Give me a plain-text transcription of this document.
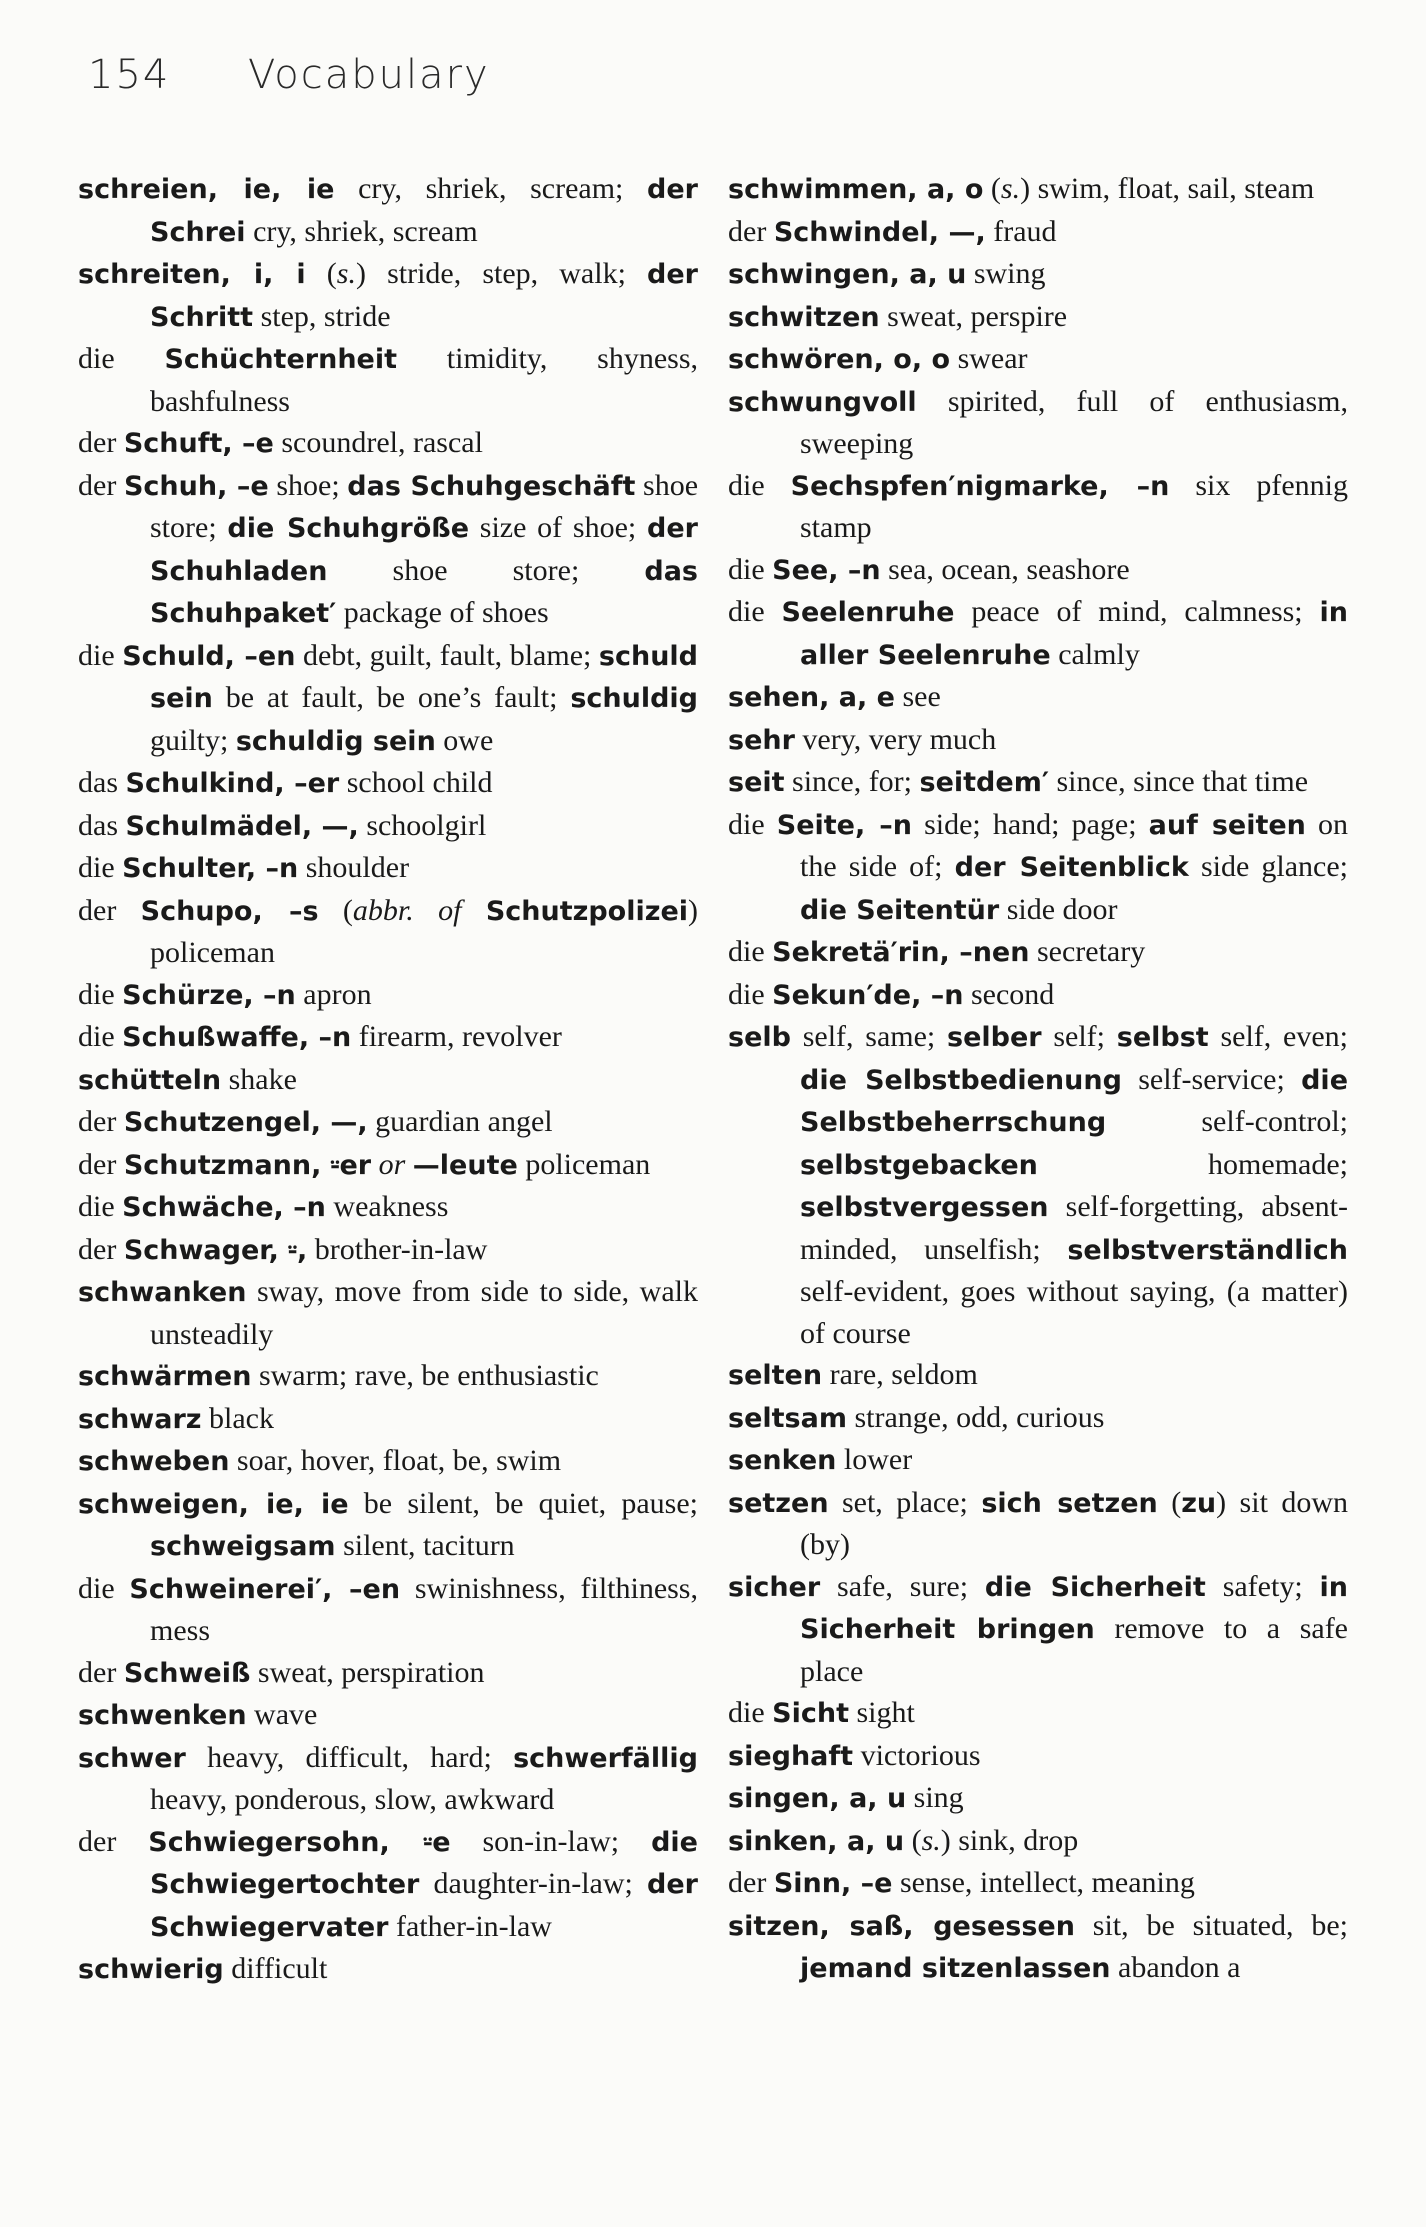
154 Vocabulary

schreien, ie, ie cry, shriek, scream; der Schrei cry, shriek, scream

schreiten, i, i (s.) stride, step, walk; der Schritt step, stride

die Schüchternheit timidity, shyness, bashfulness

der Schuft, –e scoundrel, rascal

der Schuh, –e shoe; das Schuhgeschäft shoe store; die Schuhgröße size of shoe; der Schuhladen shoe store; das Schuhpaket′ package of shoes

die Schuld, –en debt, guilt, fault, blame; schuld sein be at fault, be one’s fault; schuldig guilty; schuldig sein owe

das Schulkind, –er school child

das Schulmädel, —, schoolgirl

die Schulter, –n shoulder

der Schupo, –s (abbr. of Schutzpolizei) policeman

die Schürze, –n apron

die Schußwaffe, –n firearm, revolver

schütteln shake

der Schutzengel, —, guardian angel

der Schutzmann, ⸚er or —leute policeman

die Schwäche, –n weakness

der Schwager, ⸚, brother-in-law

schwanken sway, move from side to side, walk unsteadily

schwärmen swarm; rave, be enthusiastic

schwarz black

schweben soar, hover, float, be, swim

schweigen, ie, ie be silent, be quiet, pause; schweigsam silent, taciturn

die Schweinerei′, –en swinishness, filthiness, mess

der Schweiß sweat, perspiration

schwenken wave

schwer heavy, difficult, hard; schwerfällig heavy, ponderous, slow, awkward

der Schwiegersohn, ⸚e son-in-law; die Schwiegertochter daughter-in-law; der Schwiegervater father-in-law

schwierig difficult

schwimmen, a, o (s.) swim, float, sail, steam

der Schwindel, —, fraud

schwingen, a, u swing

schwitzen sweat, perspire

schwören, o, o swear

schwungvoll spirited, full of enthusiasm, sweeping

die Sechspfen′nigmarke, –n six pfennig stamp

die See, –n sea, ocean, seashore

die Seelenruhe peace of mind, calmness; in aller Seelenruhe calmly

sehen, a, e see

sehr very, very much

seit since, for; seitdem′ since, since that time

die Seite, –n side; hand; page; auf seiten on the side of; der Seitenblick side glance; die Seitentür side door

die Sekretä′rin, –nen secretary

die Sekun′de, –n second

selb self, same; selber self; selbst self, even; die Selbstbedienung self-service; die Selbstbeherrschung self-control; selbstgebacken homemade; selbstvergessen self-forgetting, absent-minded, unselfish; selbstverständlich self-evident, goes without saying, (a matter) of course

selten rare, seldom

seltsam strange, odd, curious

senken lower

setzen set, place; sich setzen (zu) sit down (by)

sicher safe, sure; die Sicherheit safety; in Sicherheit bringen remove to a safe place

die Sicht sight

sieghaft victorious

singen, a, u sing

sinken, a, u (s.) sink, drop

der Sinn, –e sense, intellect, meaning

sitzen, saß, gesessen sit, be situated, be; jemand sitzenlassen abandon a
